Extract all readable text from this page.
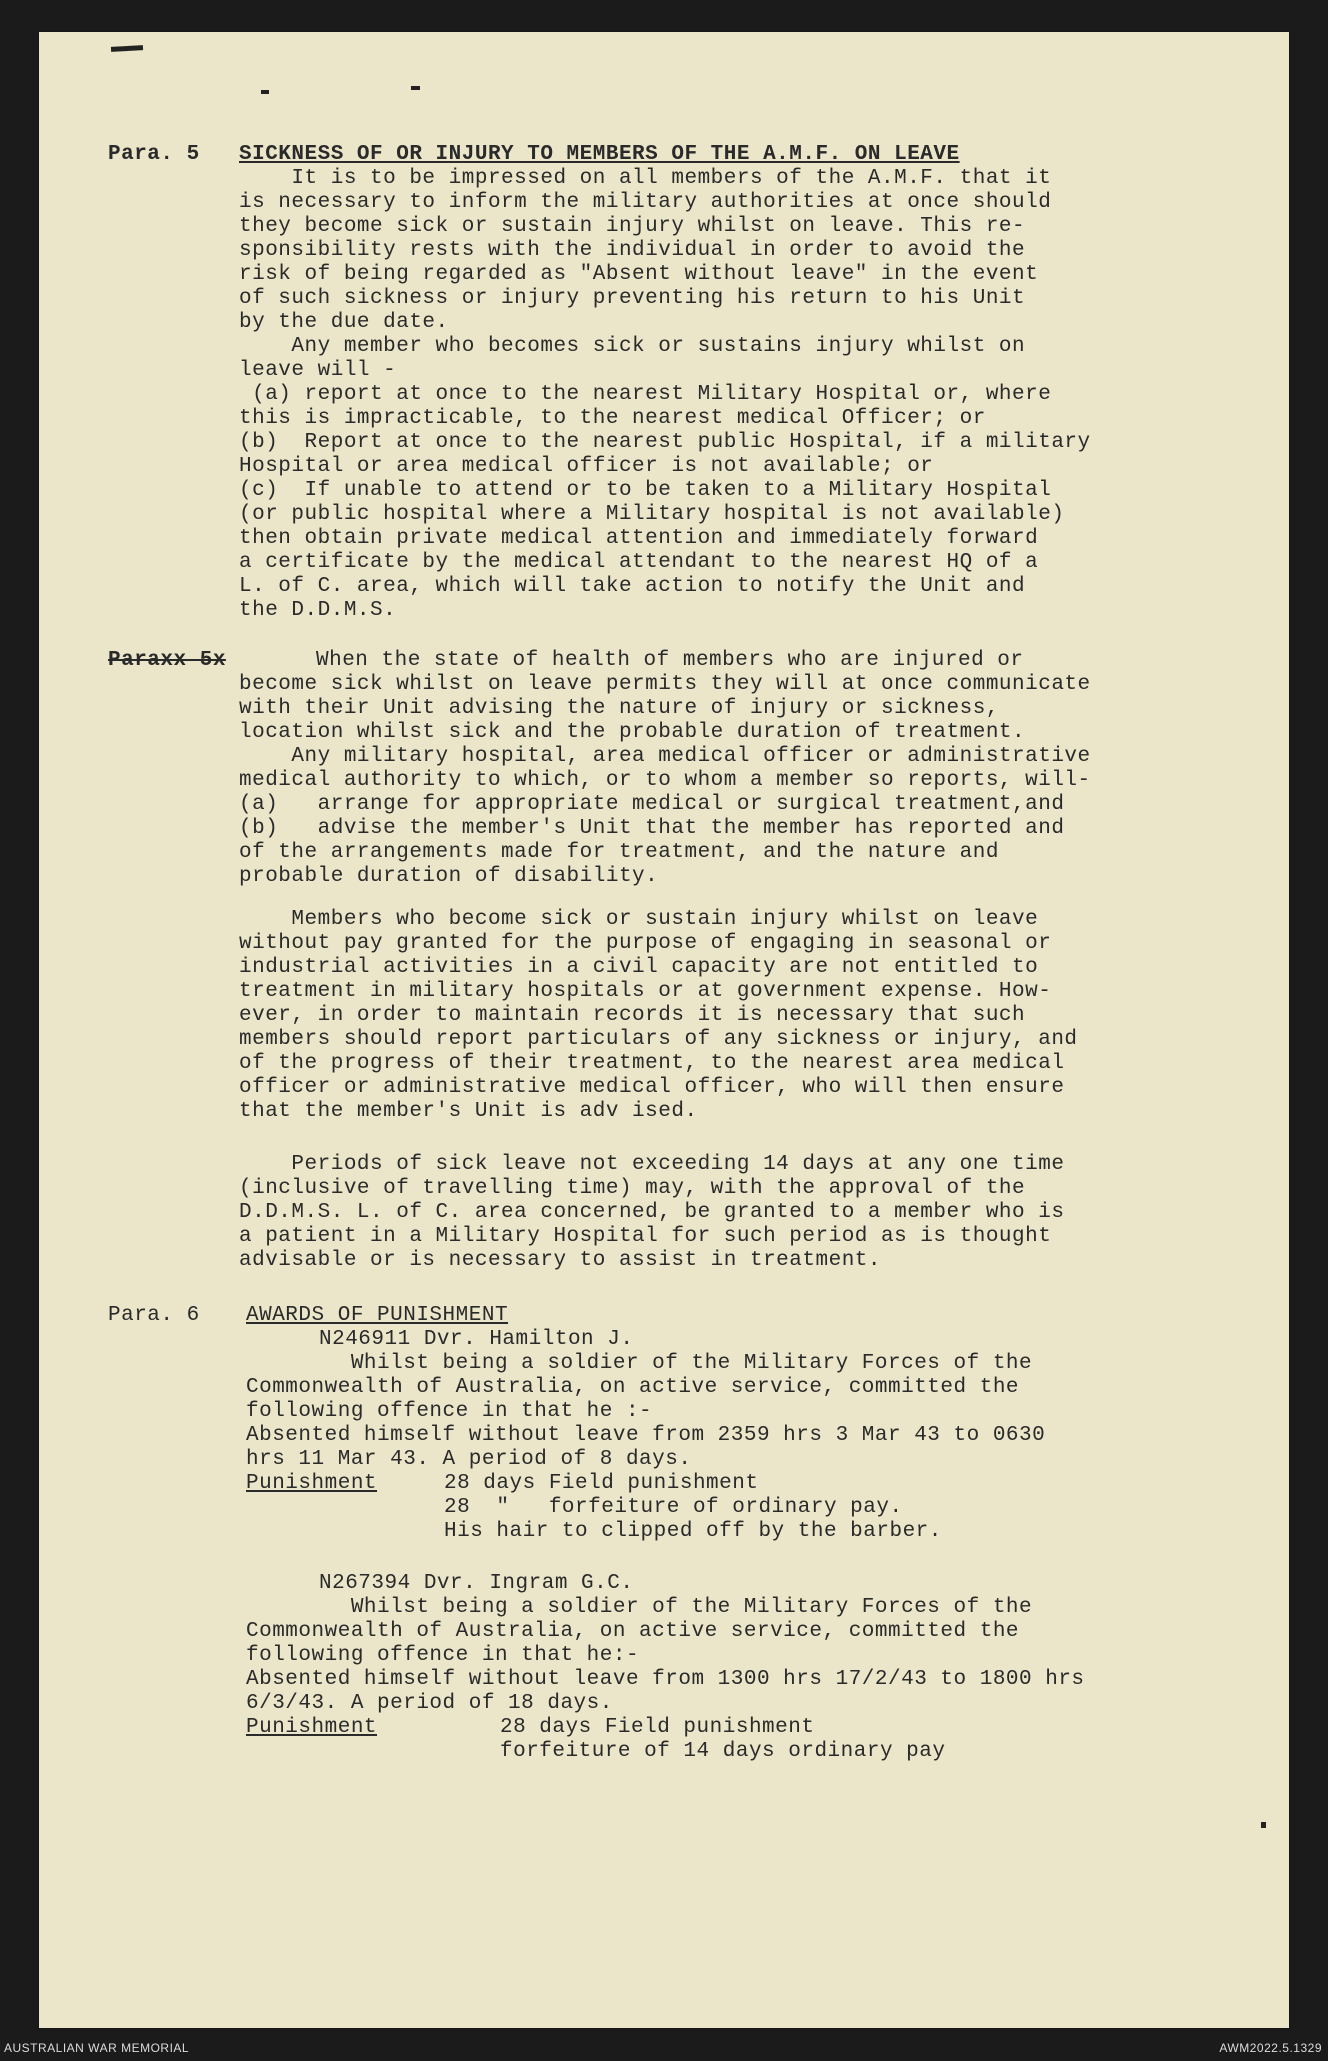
Para. 5 SICKNESS OF OR INJURY TO MEMBERS OF THE A.M.F. ON LEAVE
It is to be impressed on all members of the A.M.F. that it
is necessary to inform the military authorities at once should
they become sick or sustain injury whilst on leave. This re-
sponsibility rests with the individual in order to avoid the
risk of being regarded as "Absent without leave" in the event
of such sickness or injury preventing his return to his Unit
by the due date.
Any member who becomes sick or sustains injury whilst on
leave will -
(a) report at once to the nearest Military Hospital or, where
this is impracticable, to the nearest medical Officer; or
(b)  Report at once to the nearest public Hospital, if a military
Hospital or area medical officer is not available; or
(c)  If unable to attend or to be taken to a Military Hospital
(or public hospital where a Military hospital is not available)
then obtain private medical attention and immediately forward
a certificate by the medical attendant to the nearest HQ of a
L. of C. area, which will take action to notify the Unit and
the D.D.M.S.
Paraxx 5x	When the state of health of members who are injured or
become sick whilst on leave permits they will at once communicate
with their Unit advising the nature of injury or sickness,
location whilst sick and the probable duration of treatment.
Any military hospital, area medical officer or administrative
medical authority to which, or to whom a member so reports, will-
(a)   arrange for appropriate medical or surgical treatment,and
(b)   advise the member's Unit that the member has reported and
of the arrangements made for treatment, and the nature and
probable duration of disability.
Members who become sick or sustain injury whilst on leave
without pay granted for the purpose of engaging in seasonal or
industrial activities in a civil capacity are not entitled to
treatment in military hospitals or at government expense. How-
ever, in order to maintain records it is necessary that such
members should report particulars of any sickness or injury, and
of the progress of their treatment, to the nearest area medical
officer or administrative medical officer, who will then ensure
that the member's Unit is adv ised.
Periods of sick leave not exceeding 14 days at any one time
(inclusive of travelling time) may, with the approval of the
D.D.M.S. L. of C. area concerned, be granted to a member who is
a patient in a Military Hospital for such period as is thought
advisable or is necessary to assist in treatment.
Para. 6 AWARDS OF PUNISHMENT
N246911 Dvr. Hamilton J.
Whilst being a soldier of the Military Forces of the
Commonwealth of Australia, on active service, committed the
following offence in that he :-
Absented himself without leave from 2359 hrs 3 Mar 43 to 0630
hrs 11 Mar 43. A period of 8 days.
Punishment	28 days Field punishment
28  "   forfeiture of ordinary pay.
His hair to clipped off by the barber.
N267394 Dvr. Ingram G.C.
Whilst being a soldier of the Military Forces of the
Commonwealth of Australia, on active service, committed the
following offence in that he:-
Absented himself without leave from 1300 hrs 17/2/43 to 1800 hrs
6/3/43. A period of 18 days.
Punishment	28 days Field punishment
forfeiture of 14 days ordinary pay
AUSTRALIAN WAR MEMORIAL	AWM2022.5.1329
